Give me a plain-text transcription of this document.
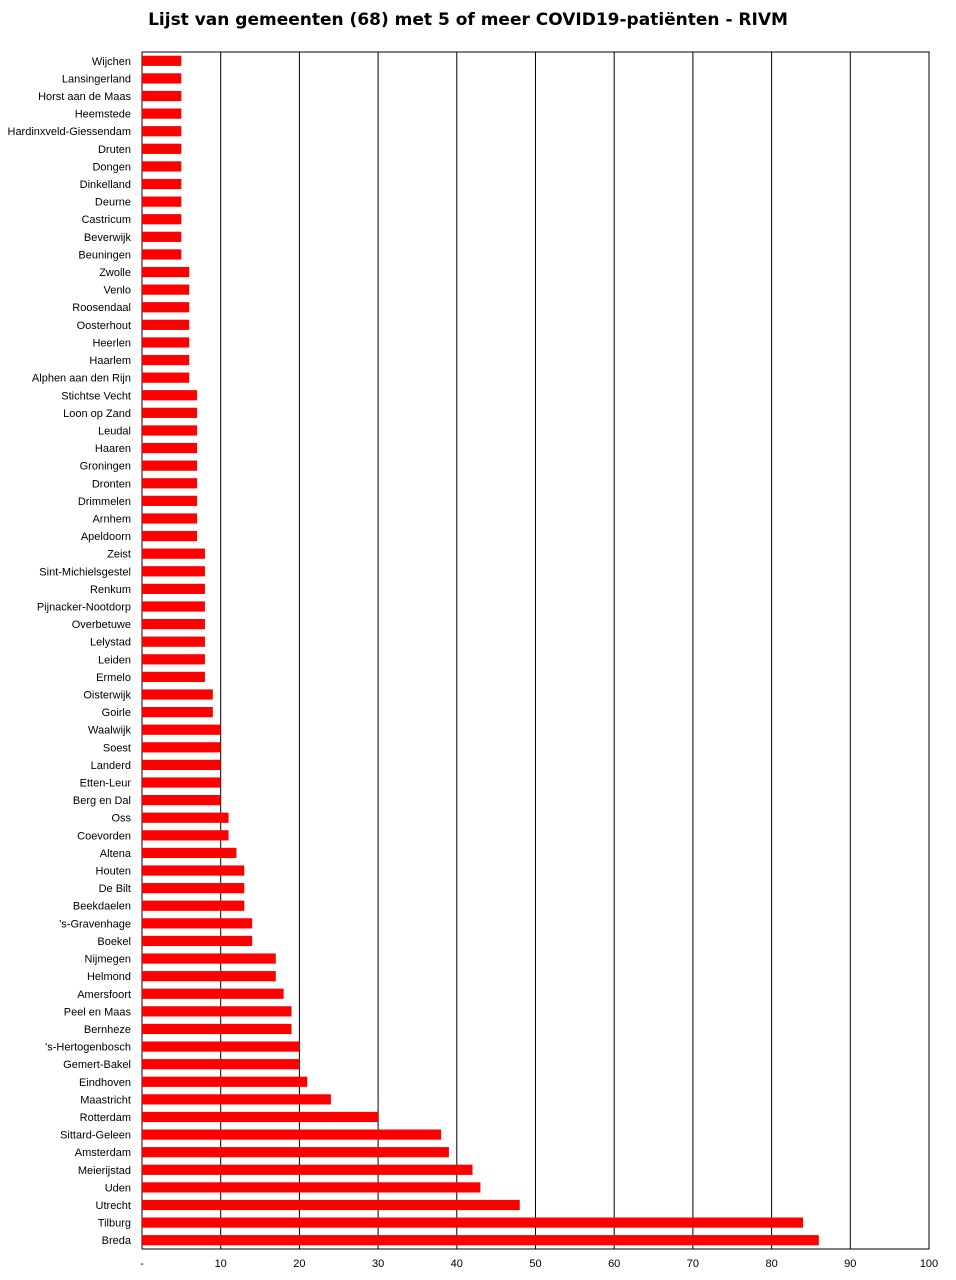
Lijst van gemeenten (68) met 5 of meer COVID19-patiënten - RIVM
Wijchen
Lansingerland
Horst aan de Maas
Heemstede
Hardinxveld-Giessendam
Druten
Dongen
Dinkelland
Deurne
Castricum
Beverwijk
Beuningen
Zwolle
Venlo
Roosendaal
Oosterhout
Heerlen
Haarlem
Alphen aan den Rijn
Stichtse Vecht
Loon op Zand
Leudal
Haaren
Groningen
Dronten
Drimmelen
Arnhem
Apeldoorn
Zeist
Sint-Michielsgestel
Renkum
Pijnacker-Nootdorp
Overbetuwe
Lelystad
Leiden
Ermelo
Oisterwijk
Goirle
Waalwijk
Soest
Landerd
Etten-Leur
Berg en Dal
Oss
Coevorden
Altena
Houten
De Bilt
Beekdaelen
's-Gravenhage
Boekel
Nijmegen
Helmond
Amersfoort
Peel en Maas
Bernheze
's-Hertogenbosch
Gemert-Bakel
Eindhoven
Maastricht
Rotterdam
Sittard-Geleen
Amsterdam
Meierijstad
Uden
Utrecht
Tilburg
Breda
-	10	20	30	40	50	60	70	80	90	100
